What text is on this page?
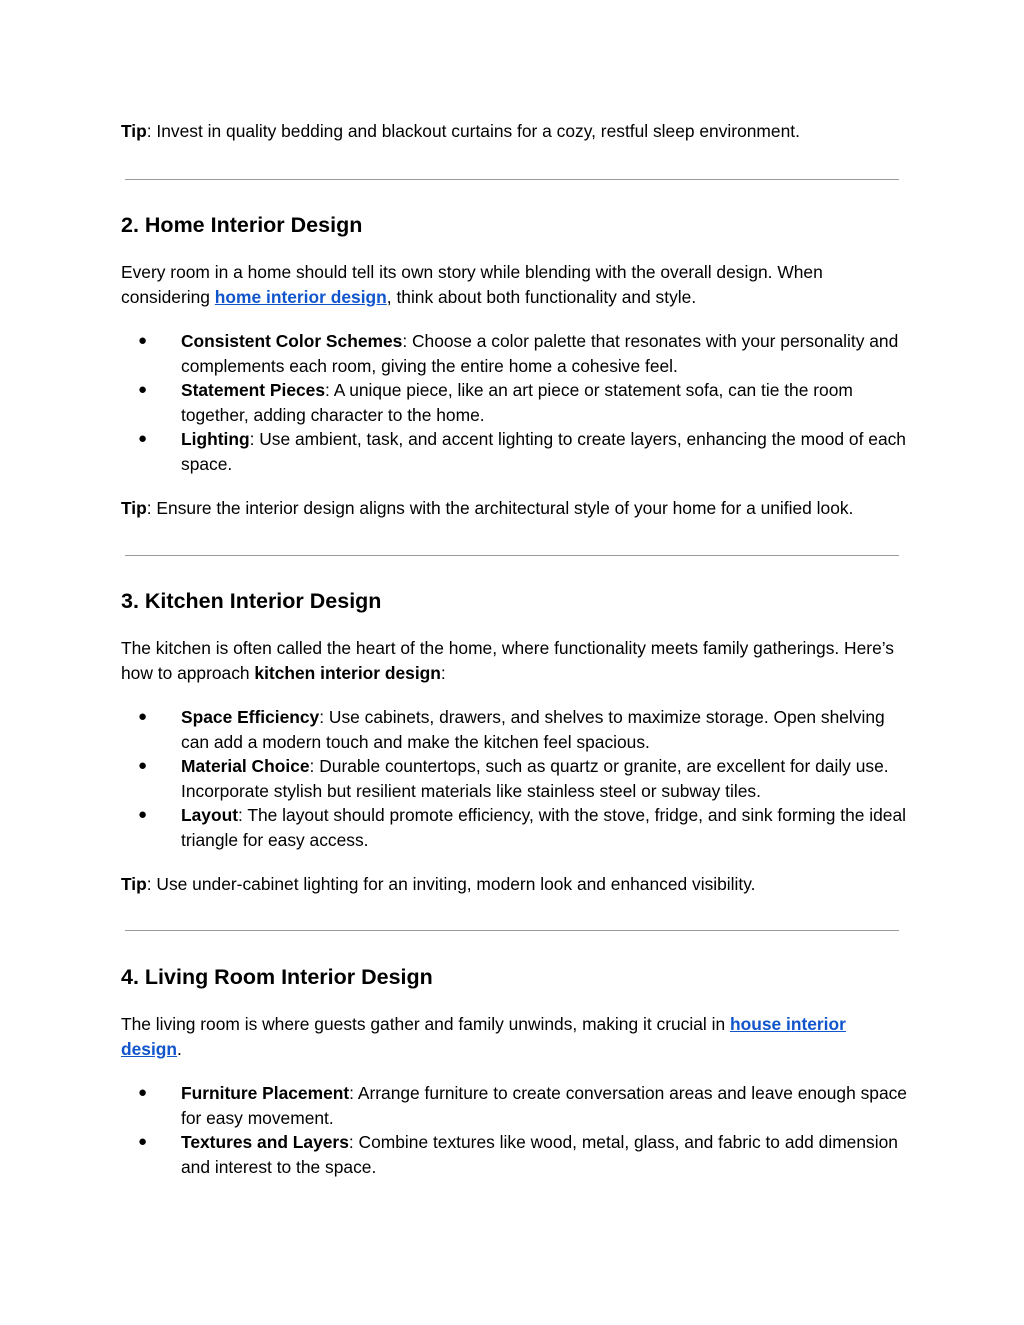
Tip: Invest in quality bedding and blackout curtains for a cozy, restful sleep environment.

2. Home Interior Design

Every room in a home should tell its own story while blending with the overall design. When considering home interior design, think about both functionality and style.

● Consistent Color Schemes: Choose a color palette that resonates with your personality and complements each room, giving the entire home a cohesive feel.
● Statement Pieces: A unique piece, like an art piece or statement sofa, can tie the room together, adding character to the home.
● Lighting: Use ambient, task, and accent lighting to create layers, enhancing the mood of each space.

Tip: Ensure the interior design aligns with the architectural style of your home for a unified look.

3. Kitchen Interior Design

The kitchen is often called the heart of the home, where functionality meets family gatherings. Here’s how to approach kitchen interior design:

● Space Efficiency: Use cabinets, drawers, and shelves to maximize storage. Open shelving can add a modern touch and make the kitchen feel spacious.
● Material Choice: Durable countertops, such as quartz or granite, are excellent for daily use. Incorporate stylish but resilient materials like stainless steel or subway tiles.
● Layout: The layout should promote efficiency, with the stove, fridge, and sink forming the ideal triangle for easy access.

Tip: Use under-cabinet lighting for an inviting, modern look and enhanced visibility.

4. Living Room Interior Design

The living room is where guests gather and family unwinds, making it crucial in house interior design.

● Furniture Placement: Arrange furniture to create conversation areas and leave enough space for easy movement.
● Textures and Layers: Combine textures like wood, metal, glass, and fabric to add dimension and interest to the space.
